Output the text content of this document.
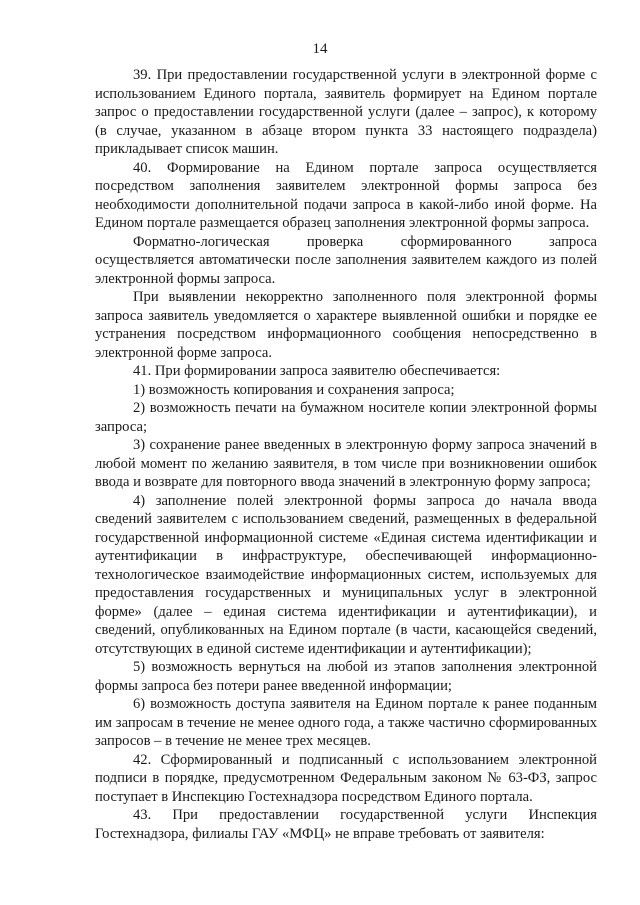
14

39. При предоставлении государственной услуги в электронной форме с использованием Единого портала, заявитель формирует на Едином портале запрос о предоставлении государственной услуги (далее – запрос), к которому (в случае, указанном в абзаце втором пункта 33 настоящего подраздела) прикладывает список машин.

40. Формирование на Едином портале запроса осуществляется посредством заполнения заявителем электронной формы запроса без необходимости дополнительной подачи запроса в какой-либо иной форме. На Едином портале размещается образец заполнения электронной формы запроса.

Форматно-логическая проверка сформированного запроса осуществляется автоматически после заполнения заявителем каждого из полей электронной формы запроса.

При выявлении некорректно заполненного поля электронной формы запроса заявитель уведомляется о характере выявленной ошибки и порядке ее устранения посредством информационного сообщения непосредственно в электронной форме запроса.

41. При формировании запроса заявителю обеспечивается:

1) возможность копирования и сохранения запроса;

2) возможность печати на бумажном носителе копии электронной формы запроса;

3) сохранение ранее введенных в электронную форму запроса значений в любой момент по желанию заявителя, в том числе при возникновении ошибок ввода и возврате для повторного ввода значений в электронную форму запроса;

4) заполнение полей электронной формы запроса до начала ввода сведений заявителем с использованием сведений, размещенных в федеральной государственной информационной системе «Единая система идентификации и аутентификации в инфраструктуре, обеспечивающей информационно-технологическое взаимодействие информационных систем, используемых для предоставления государственных и муниципальных услуг в электронной форме» (далее – единая система идентификации и аутентификации), и сведений, опубликованных на Едином портале (в части, касающейся сведений, отсутствующих в единой системе идентификации и аутентификации);

5) возможность вернуться на любой из этапов заполнения электронной формы запроса без потери ранее введенной информации;

6) возможность доступа заявителя на Едином портале к ранее поданным им запросам в течение не менее одного года, а также частично сформированных запросов – в течение не менее трех месяцев.

42. Сформированный и подписанный с использованием электронной подписи в порядке, предусмотренном Федеральным законом № 63-ФЗ, запрос поступает в Инспекцию Гостехнадзора посредством Единого портала.

43. При предоставлении государственной услуги Инспекция Гостехнадзора, филиалы ГАУ «МФЦ» не вправе требовать от заявителя:
